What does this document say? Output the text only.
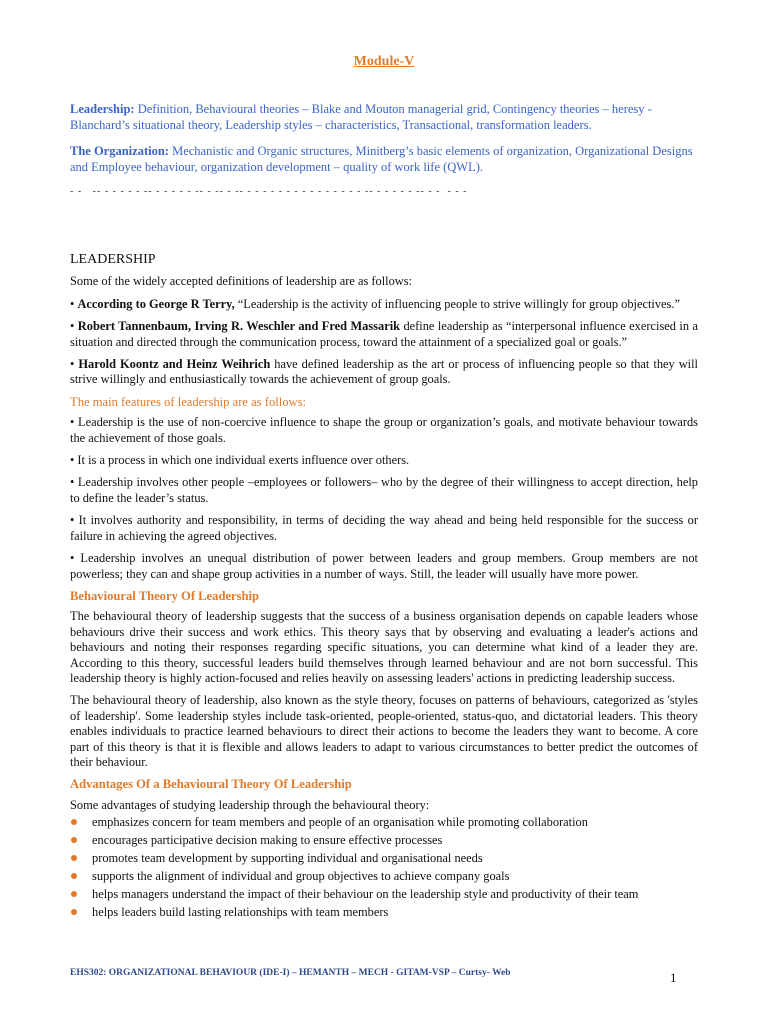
Module-V
Leadership: Definition, Behavioural theories – Blake and Mouton managerial grid, Contingency theories – heresy - Blanchard’s situational theory, Leadership styles – characteristics, Transactional, transformation leaders.
The Organization: Mechanistic and Organic structures, Minitberg’s basic elements of organization, Organizational Designs and Employee behaviour, organization development – quality of work life (QWL).
- -   -- - - - - - -- - - - - - -- - -- - -- - - - - - - - - - - - - - - - -- - - - - - -- - -  - - -

LEADERSHIP

Some of the widely accepted definitions of leadership are as follows:

• According to George R Terry, “Leadership is the activity of influencing people to strive willingly for group objectives.”

• Robert Tannenbaum, Irving R. Weschler and Fred Massarik define leadership as “interpersonal influence exercised in a situation and directed through the communication process, toward the attainment of a specialized goal or goals.”

• Harold Koontz and Heinz Weihrich have defined leadership as the art or process of influencing people so that they will strive willingly and enthusiastically towards the achievement of group goals.

The main features of leadership are as follows:

• Leadership is the use of non-coercive influence to shape the group or organization’s goals, and motivate behaviour towards the achievement of those goals.

• It is a process in which one individual exerts influence over others.

• Leadership involves other people –employees or followers– who by the degree of their willingness to accept direction, help to define the leader’s status.

• It involves authority and responsibility, in terms of deciding the way ahead and being held responsible for the success or failure in achieving the agreed objectives.

• Leadership involves an unequal distribution of power between leaders and group members. Group members are not powerless; they can and shape group activities in a number of ways. Still, the leader will usually have more power.

Behavioural Theory Of Leadership

The behavioural theory of leadership suggests that the success of a business organisation depends on capable leaders whose behaviours drive their success and work ethics. This theory says that by observing and evaluating a leader's actions and behaviours and noting their responses regarding specific situations, you can determine what kind of a leader they are. According to this theory, successful leaders build themselves through learned behaviour and are not born successful. This leadership theory is highly action-focused and relies heavily on assessing leaders' actions in predicting leadership success.

The behavioural theory of leadership, also known as the style theory, focuses on patterns of behaviours, categorized as 'styles of leadership'. Some leadership styles include task-oriented, people-oriented, status-quo, and dictatorial leaders. This theory enables individuals to practice learned behaviours to direct their actions to become the leaders they want to become. A core part of this theory is that it is flexible and allows leaders to adapt to various circumstances to better predict the outcomes of their behaviour.

Advantages Of a Behavioural Theory Of Leadership

Some advantages of studying leadership through the behavioural theory:

emphasizes concern for team members and people of an organisation while promoting collaboration
encourages participative decision making to ensure effective processes
promotes team development by supporting individual and organisational needs
supports the alignment of individual and group objectives to achieve company goals
helps managers understand the impact of their behaviour on the leadership style and productivity of their team
helps leaders build lasting relationships with team members
EHS302: ORGANIZATIONAL BEHAVIOUR (IDE-I) – HEMANTH – MECH - GITAM-VSP – Curtsy- Web	1
